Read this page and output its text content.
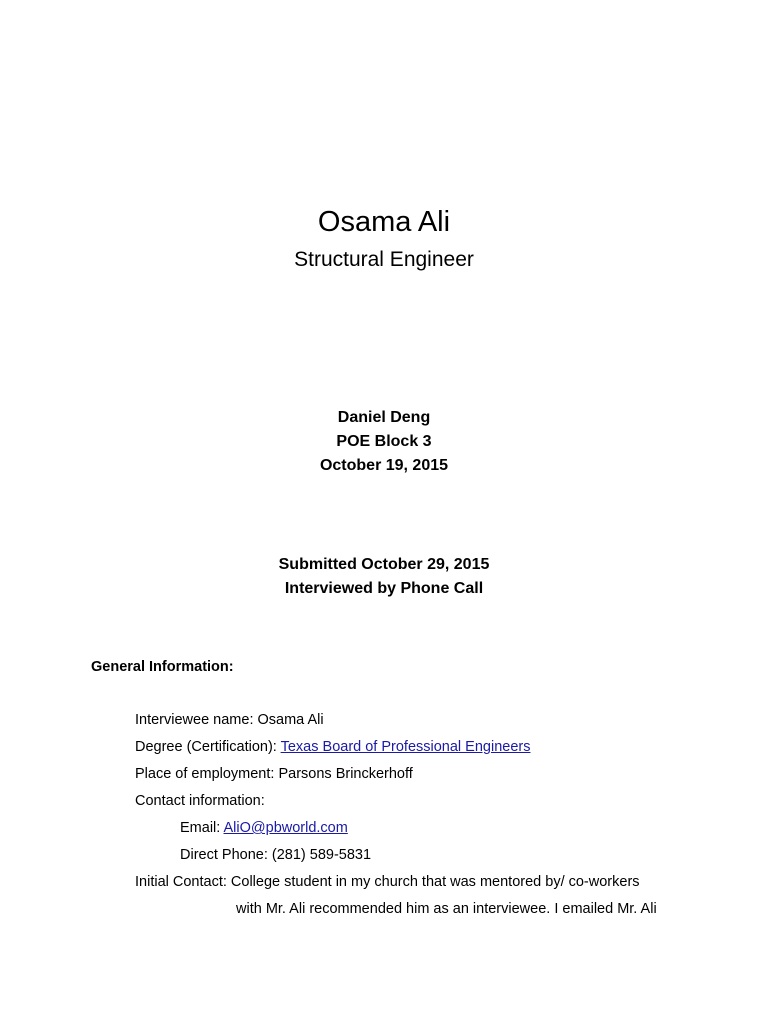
Osama Ali
Structural Engineer
Daniel Deng
POE Block 3
October 19, 2015
Submitted October 29, 2015
Interviewed by Phone Call
General Information:
Interviewee name: Osama Ali
Degree (Certification): Texas Board of Professional Engineers
Place of employment: Parsons Brinckerhoff
Contact information:
Email: AliO@pbworld.com
Direct Phone: (281) 589-5831
Initial Contact: College student in my church that was mentored by/ co-workers
with Mr. Ali recommended him as an interviewee. I emailed Mr. Ali
